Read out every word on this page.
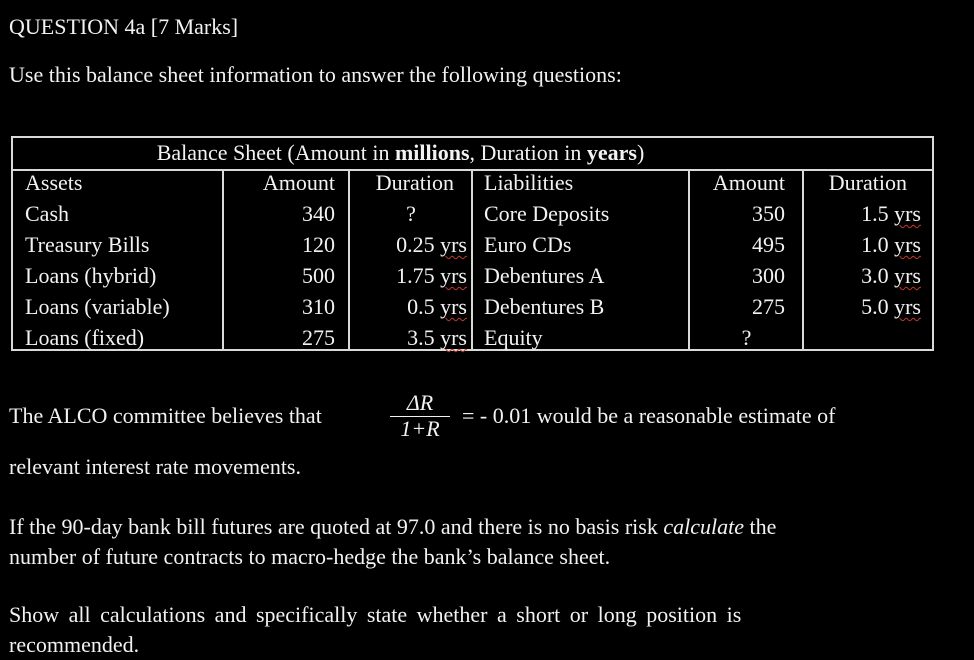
QUESTION 4a [7 Marks]
Use this balance sheet information to answer the following questions:
Balance Sheet (Amount in millions, Duration in years)
Assets	Amount	Duration Liabilities	Amount	Duration
Cash	340	?	Core Deposits	350	1.5 yrs
Treasury Bills	120	0.25 yrs Euro CDs	495	1.0 yrs
Loans (hybrid)	500	1.75 yrs Debentures A	300	3.0 yrs
Loans (variable)	310	0.5 yrs Debentures B	275	5.0 yrs
Loans (fixed)	275	3.5 yrs Equity	?
The ALCO committee believes that
ΔR
1+R
= - 0.01 would be a reasonable estimate of
relevant interest rate movements.
If the 90-day bank bill futures are quoted at 97.0 and there is no basis risk calculate the
number of future contracts to macro-hedge the bank’s balance sheet.
Show all calculations and specifically state whether a short or long position is
recommended.
